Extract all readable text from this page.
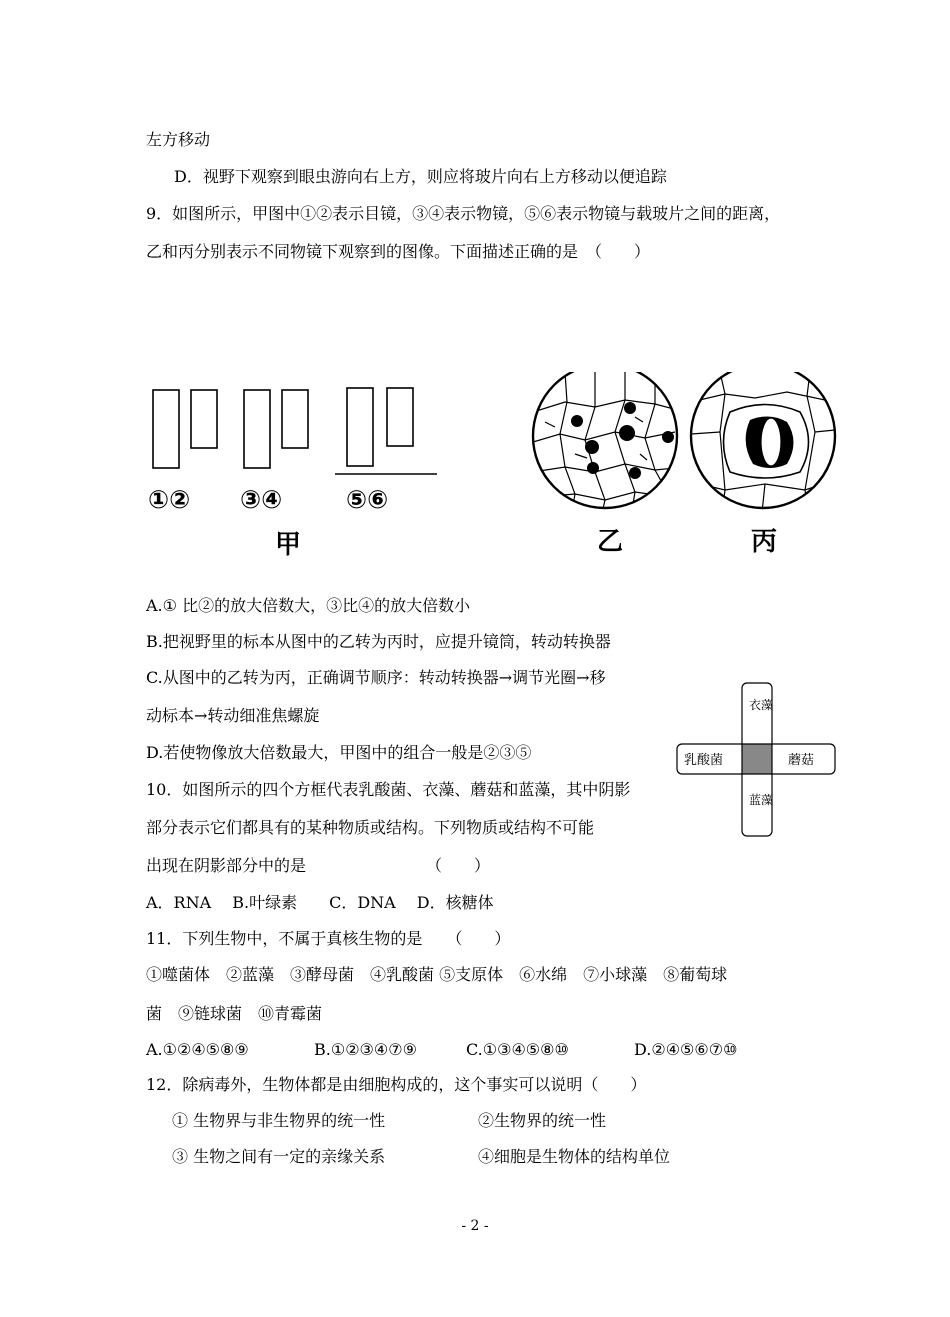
左方移动
D．视野下观察到眼虫游向右上方，则应将玻片向右上方移动以便追踪
9．如图所示，甲图中①②表示目镜，③④表示物镜，⑤⑥表示物镜与载玻片之间的距离，
乙和丙分别表示不同物镜下观察到的图像。下面描述正确的是　（　　）
①② ③④	⑤⑥
甲	乙	丙
A.① 比②的放大倍数大，③比④的放大倍数小
B.把视野里的标本从图中的乙转为丙时，应提升镜筒，转动转换器
C.从图中的乙转为丙，正确调节顺序：转动转换器→调节光圈→移
动标本→转动细准焦螺旋
D.若使物像放大倍数最大，甲图中的组合一般是②③⑤
衣藻
乳酸菌	蘑菇
蓝藻
10．如图所示的四个方框代表乳酸菌、衣藻、蘑菇和蓝藻，其中阴影
部分表示它们都具有的某种物质或结构。下列物质或结构不可能
出现在阴影部分中的是　　　　　　　　（　　）
A．RNA　 B.叶绿素　　C．DNA　 D．核糖体
11．下列生物中，不属于真核生物的是　　（　　）
①噬菌体　②蓝藻　③酵母菌　④乳酸菌 ⑤支原体　⑥水绵　⑦小球藻　⑧葡萄球
菌　⑨链球菌　⑩青霉菌
A.①②④⑤⑧⑨	B.①②③④⑦⑨	C.①③④⑤⑧⑩	D.②④⑤⑥⑦⑩
12．除病毒外，生物体都是由细胞构成的，这个事实可以说明（　　）
① 生物界与非生物界的统一性	②生物界的统一性
③ 生物之间有一定的亲缘关系	④细胞是生物体的结构单位
- 2 -
